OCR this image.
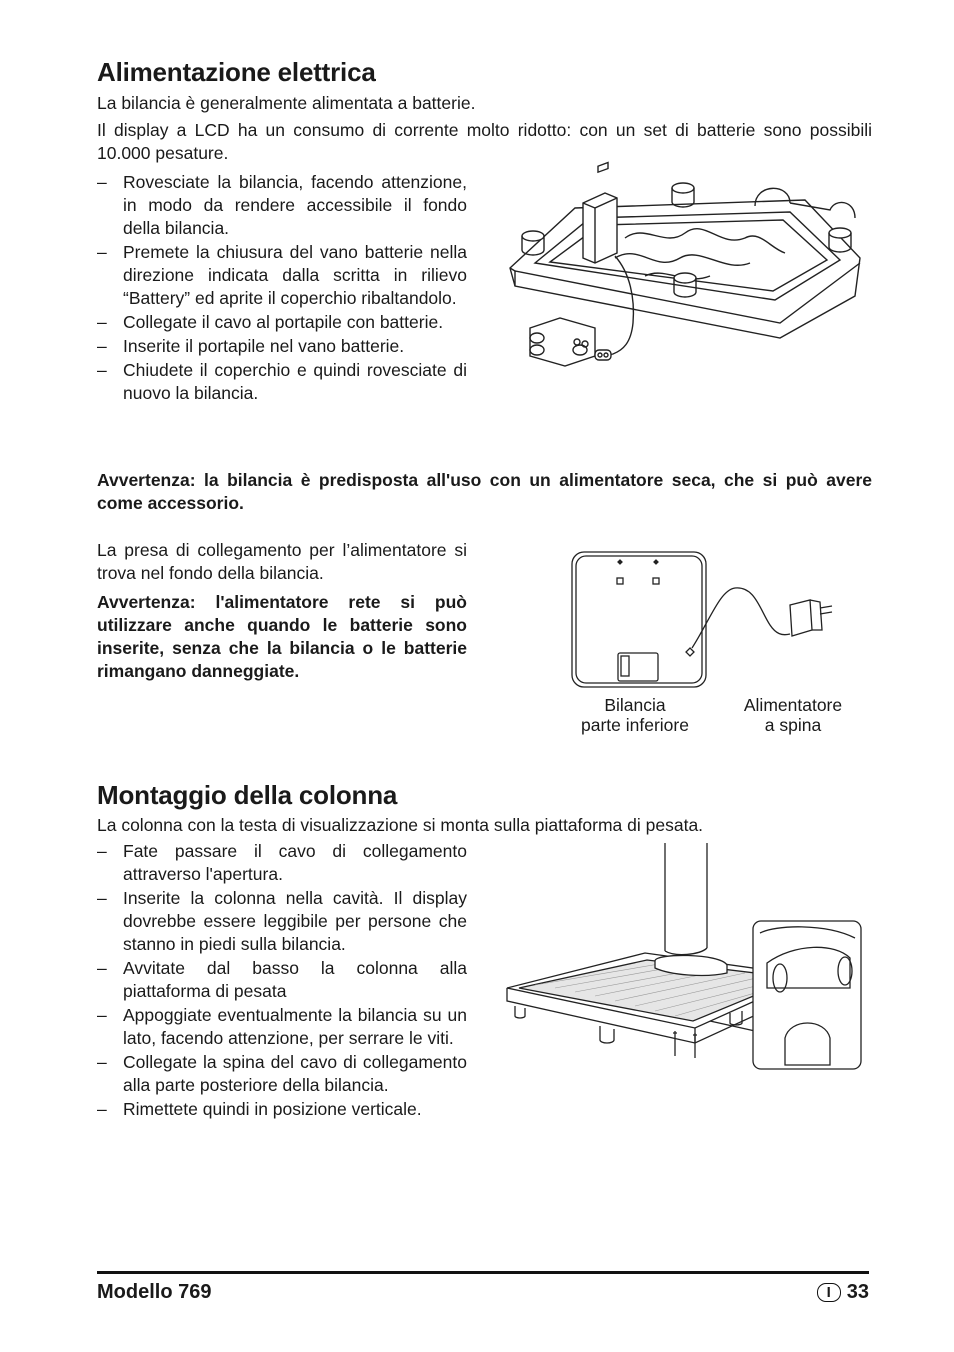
Alimentazione elettrica

La bilancia è generalmente alimentata a batterie.

Il display a LCD ha un consumo di corrente molto ridotto: con un set di batterie sono possibili 10.000 pesature.

– Rovesciate la bilancia, facendo attenzione, in modo da rendere accessibile il fondo della bilancia.
– Premete la chiusura del vano batterie nella direzione indicata dalla scritta in rilievo “Battery” ed aprite il coperchio ribaltandolo.
– Collegate il cavo al portapile con batterie.
– Inserite il portapile nel vano batterie.
– Chiudete il coperchio e quindi rovesciate di nuovo la bilancia.

Avvertenza: la bilancia è predisposta all'uso con un alimentatore seca, che si può avere come accessorio.

La presa di collegamento per l’alimentatore si trova nel fondo della bilancia.

Avvertenza: l'alimentatore rete si può utilizzare anche quando le batterie sono inserite, senza che la bilancia o le batterie rimangano danneggiate.

Bilancia
parte inferiore
Alimentatore
a spina
Montaggio della colonna

La colonna con la testa di visualizzazione si monta sulla piattaforma di pesata.

– Fate passare il cavo di collegamento attraverso l'apertura.
– Inserite la colonna nella cavità. Il display dovrebbe essere leggibile per persone che stanno in piedi sulla bilancia.
– Avvitate dal basso la colonna alla piattaforma di pesata
– Appoggiate eventualmente la bilancia su un lato, facendo attenzione, per serrare le viti.
– Collegate la spina del cavo di collegamento alla parte posteriore della bilancia.
– Rimettete quindi in posizione verticale.
Modello 769	I 33
